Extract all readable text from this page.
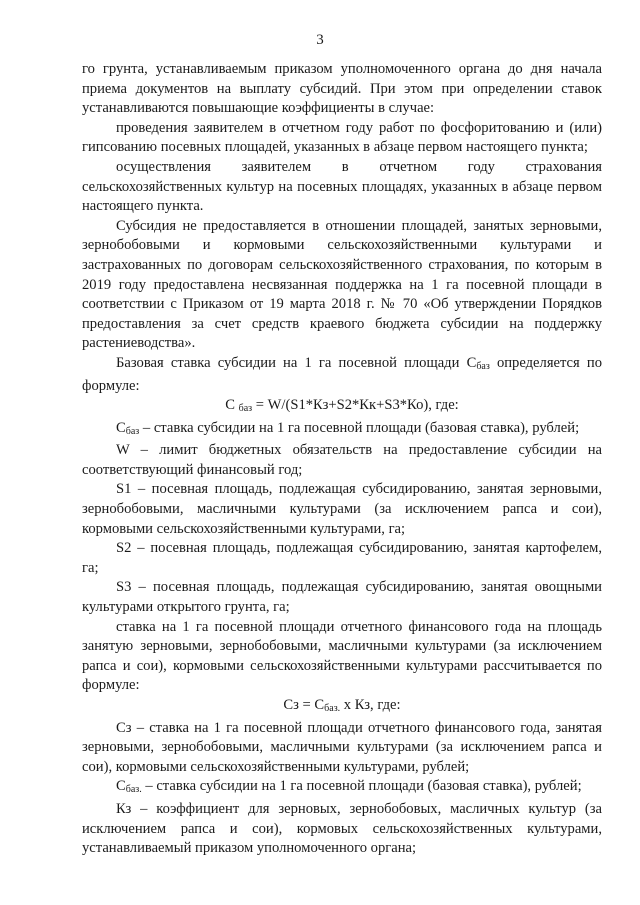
3

го грунта, устанавливаемым приказом уполномоченного органа до дня начала приема документов на выплату субсидий. При этом при определении ставок устанавливаются повышающие коэффициенты в случае:

проведения заявителем в отчетном году работ по фосфоритованию и (или) гипсованию посевных площадей, указанных в абзаце первом настоящего пункта;

осуществления заявителем в отчетном году страхования сельскохозяйственных культур на посевных площадях, указанных в абзаце первом настоящего пункта.

Субсидия не предоставляется в отношении площадей, занятых зерновыми, зернобобовыми и кормовыми сельскохозяйственными культурами и застрахованных по договорам сельскохозяйственного страхования, по которым в 2019 году предоставлена несвязанная поддержка на 1 га посевной площади в соответствии с Приказом от 19 марта 2018 г. № 70 «Об утверждении Порядков предоставления за счет средств краевого бюджета субсидии на поддержку растениеводства».

Базовая ставка субсидии на 1 га посевной площади $С_{баз}$ определяется по формуле:

С $_{баз}$ = W/(S1*Кз+S2*Кк+S3*Ко), где:

$С_{баз}$ – ставка субсидии на 1 га посевной площади (базовая ставка), рублей;

W – лимит бюджетных обязательств на предоставление субсидии на соответствующий финансовый год;

S1 – посевная площадь, подлежащая субсидированию, занятая зерновыми, зернобобовыми, масличными культурами (за исключением рапса и сои), кормовыми сельскохозяйственными культурами, га;

S2 – посевная площадь, подлежащая субсидированию, занятая картофелем, га;

S3 – посевная площадь, подлежащая субсидированию, занятая овощными культурами открытого грунта, га;

ставка на 1 га посевной площади отчетного финансового года на площадь занятую зерновыми, зернобобовыми, масличными культурами (за исключением рапса и сои), кормовыми сельскохозяйственными культурами рассчитывается по формуле:

Сз = $С_{баз.}$ х Кз, где:

Сз – ставка на 1 га посевной площади отчетного финансового года, занятая зерновыми, зернобобовыми, масличными культурами (за исключением рапса и сои), кормовыми сельскохозяйственными культурами, рублей;

$С_{баз.}$ – ставка субсидии на 1 га посевной площади (базовая ставка), рублей;

Кз – коэффициент для зерновых, зернобобовых, масличных культур (за исключением рапса и сои), кормовых сельскохозяйственных культурами, устанавливаемый приказом уполномоченного органа;
